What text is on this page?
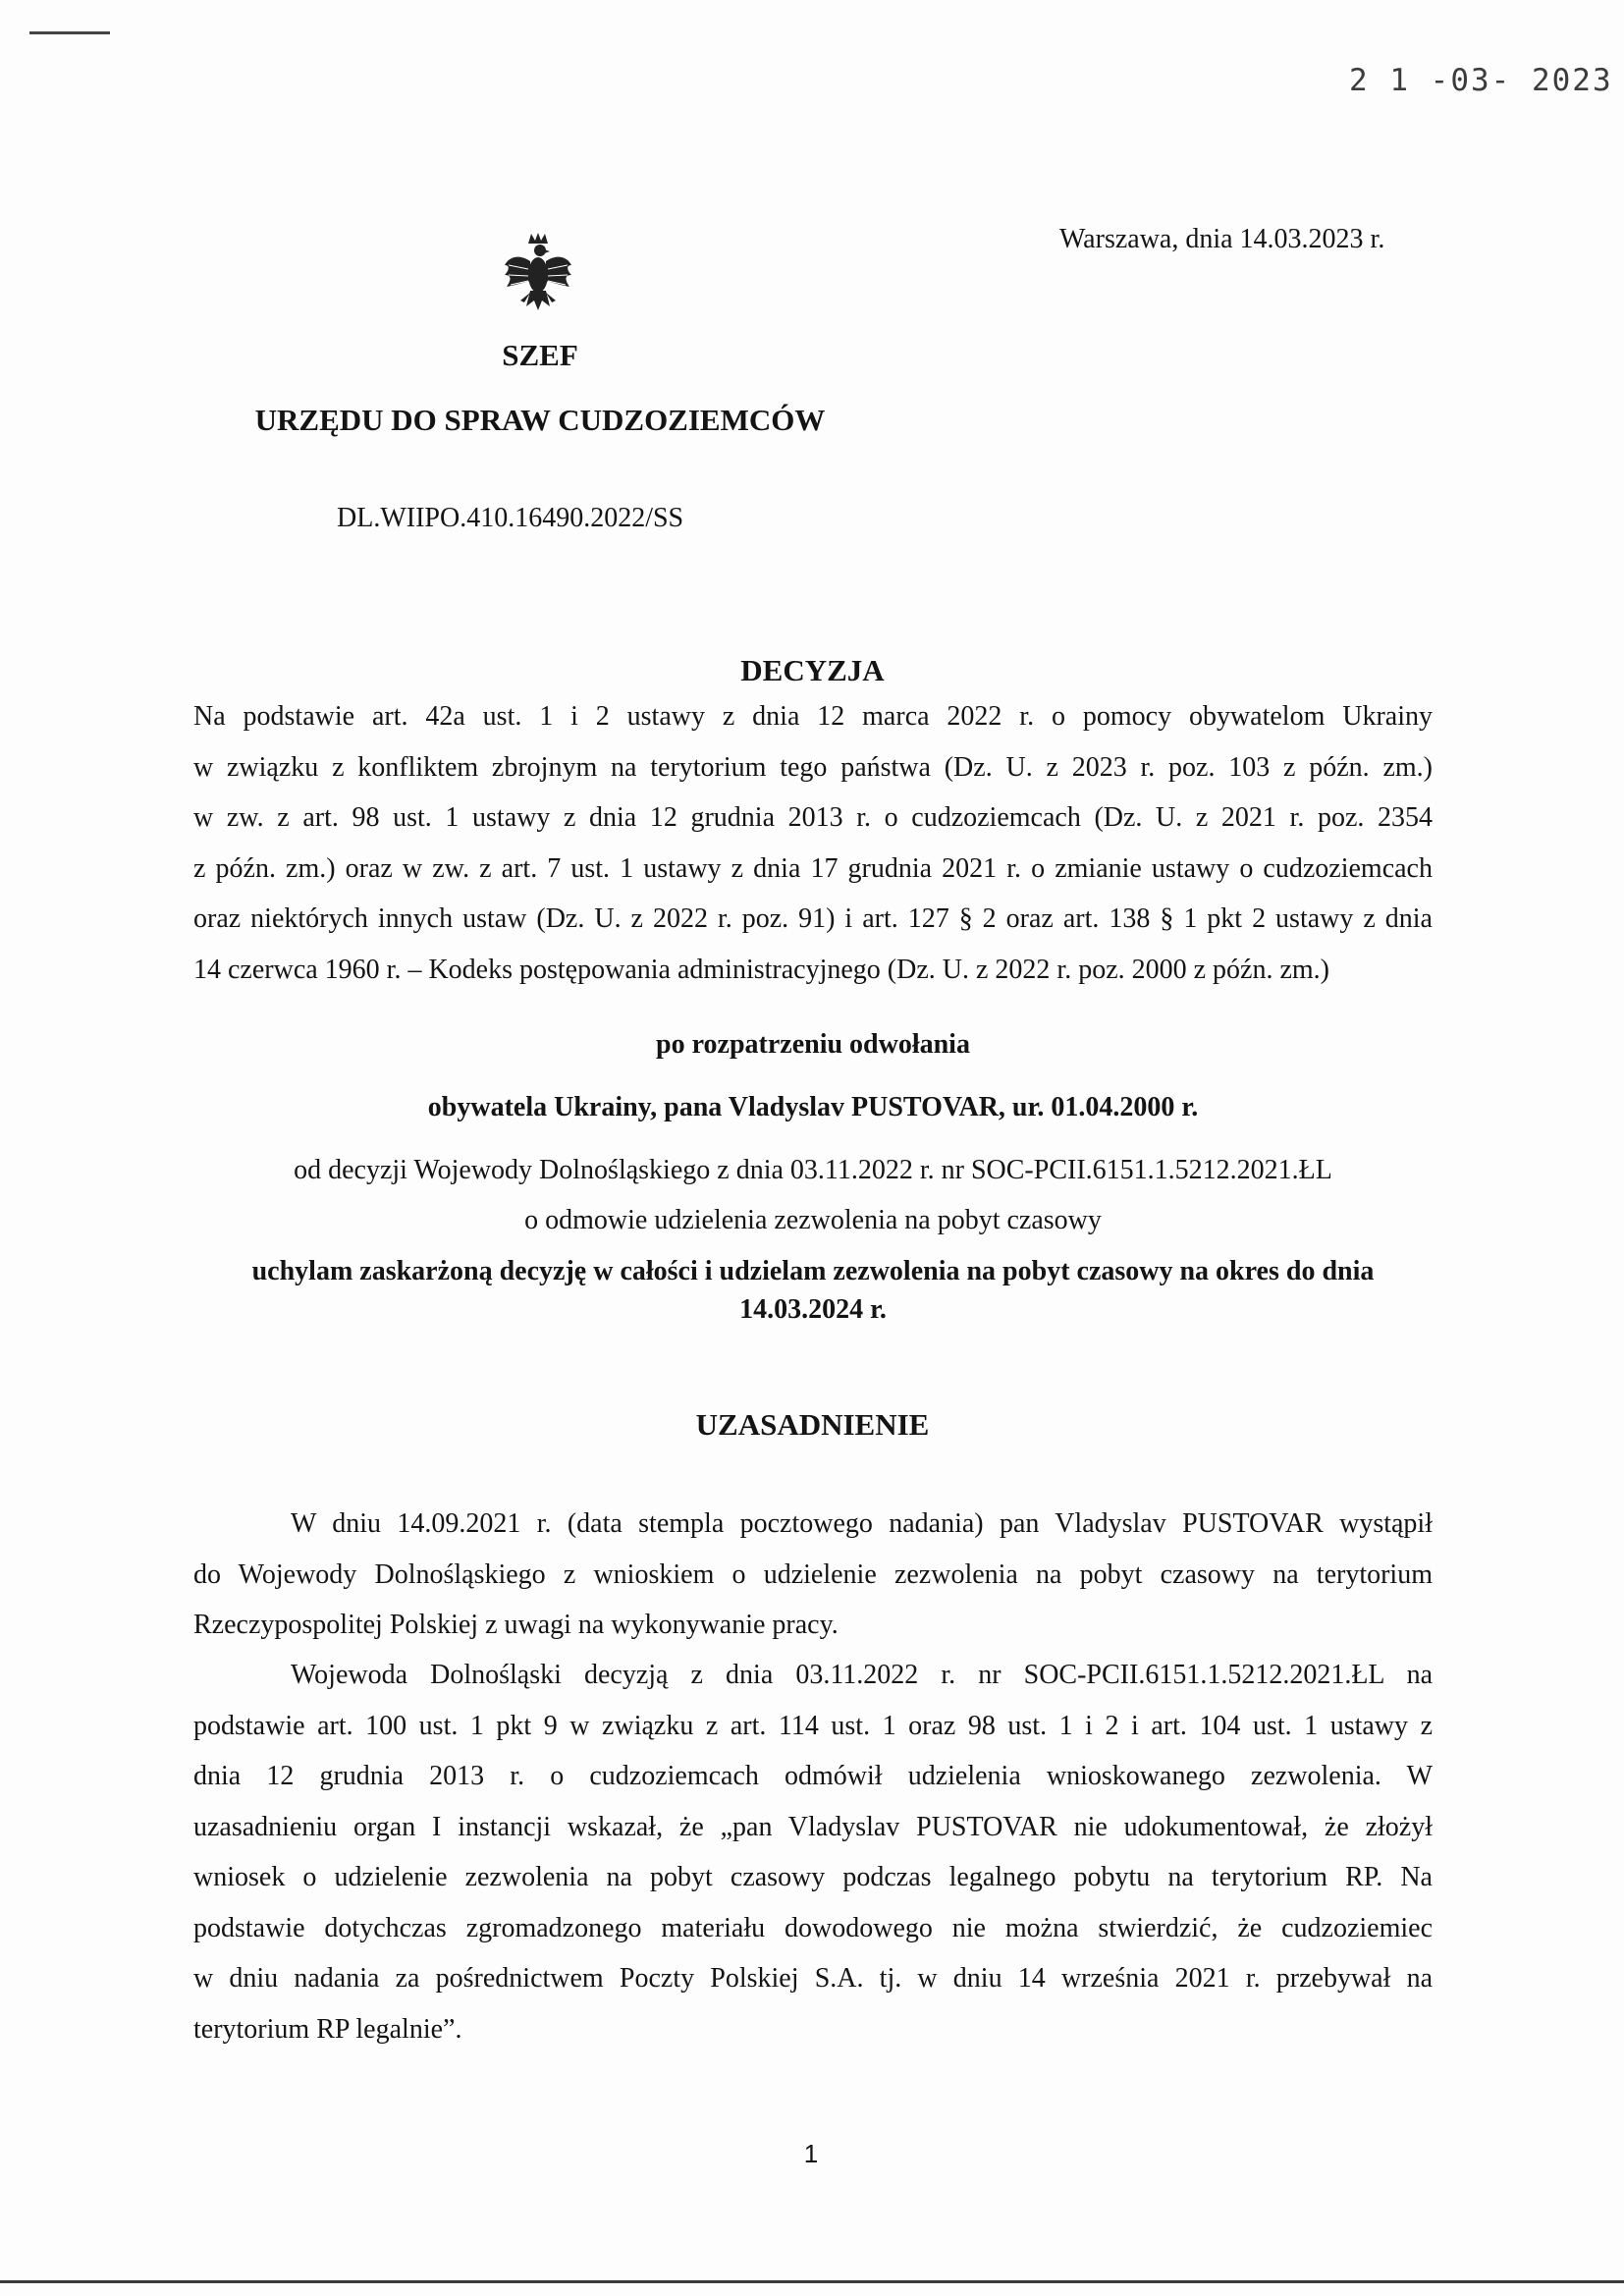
2 1 -03- 2023
Warszawa, dnia 14.03.2023 r.
SZEF
URZĘDU DO SPRAW CUDZOZIEMCÓW
DL.WIIPO.410.16490.2022/SS
DECYZJA
Na podstawie art. 42a ust. 1 i 2 ustawy z dnia 12 marca 2022 r. o pomocy obywatelom Ukrainy
w związku z konfliktem zbrojnym na terytorium tego państwa (Dz. U. z 2023 r. poz. 103 z późn. zm.)
w zw. z art. 98 ust. 1 ustawy z dnia 12 grudnia 2013 r. o cudzoziemcach (Dz. U. z 2021 r. poz. 2354
z późn. zm.) oraz w zw. z art. 7 ust. 1 ustawy z dnia 17 grudnia 2021 r. o zmianie ustawy o cudzoziemcach
oraz niektórych innych ustaw (Dz. U. z 2022 r. poz. 91) i art. 127 § 2 oraz art. 138 § 1 pkt 2 ustawy z dnia
14 czerwca 1960 r. – Kodeks postępowania administracyjnego (Dz. U. z 2022 r. poz. 2000 z późn. zm.)
po rozpatrzeniu odwołania
obywatela Ukrainy, pana Vladyslav PUSTOVAR, ur. 01.04.2000 r.
od decyzji Wojewody Dolnośląskiego z dnia 03.11.2022 r. nr SOC-PCII.6151.1.5212.2021.ŁL
o odmowie udzielenia zezwolenia na pobyt czasowy
uchylam zaskarżoną decyzję w całości i udzielam zezwolenia na pobyt czasowy na okres do dnia
14.03.2024 r.
UZASADNIENIE
W dniu 14.09.2021 r. (data stempla pocztowego nadania) pan Vladyslav PUSTOVAR wystąpił
do Wojewody Dolnośląskiego z wnioskiem o udzielenie zezwolenia na pobyt czasowy na terytorium
Rzeczypospolitej Polskiej z uwagi na wykonywanie pracy.
Wojewoda Dolnośląski decyzją z dnia 03.11.2022 r. nr SOC-PCII.6151.1.5212.2021.ŁL na
podstawie art. 100 ust. 1 pkt 9 w związku z art. 114 ust. 1 oraz 98 ust. 1 i 2 i art. 104 ust. 1 ustawy z
dnia 12 grudnia 2013 r. o cudzoziemcach odmówił udzielenia wnioskowanego zezwolenia. W
uzasadnieniu organ I instancji wskazał, że „pan Vladyslav PUSTOVAR nie udokumentował, że złożył
wniosek o udzielenie zezwolenia na pobyt czasowy podczas legalnego pobytu na terytorium RP. Na
podstawie dotychczas zgromadzonego materiału dowodowego nie można stwierdzić, że cudzoziemiec
w dniu nadania za pośrednictwem Poczty Polskiej S.A. tj. w dniu 14 września 2021 r. przebywał na
terytorium RP legalnie”.
1
